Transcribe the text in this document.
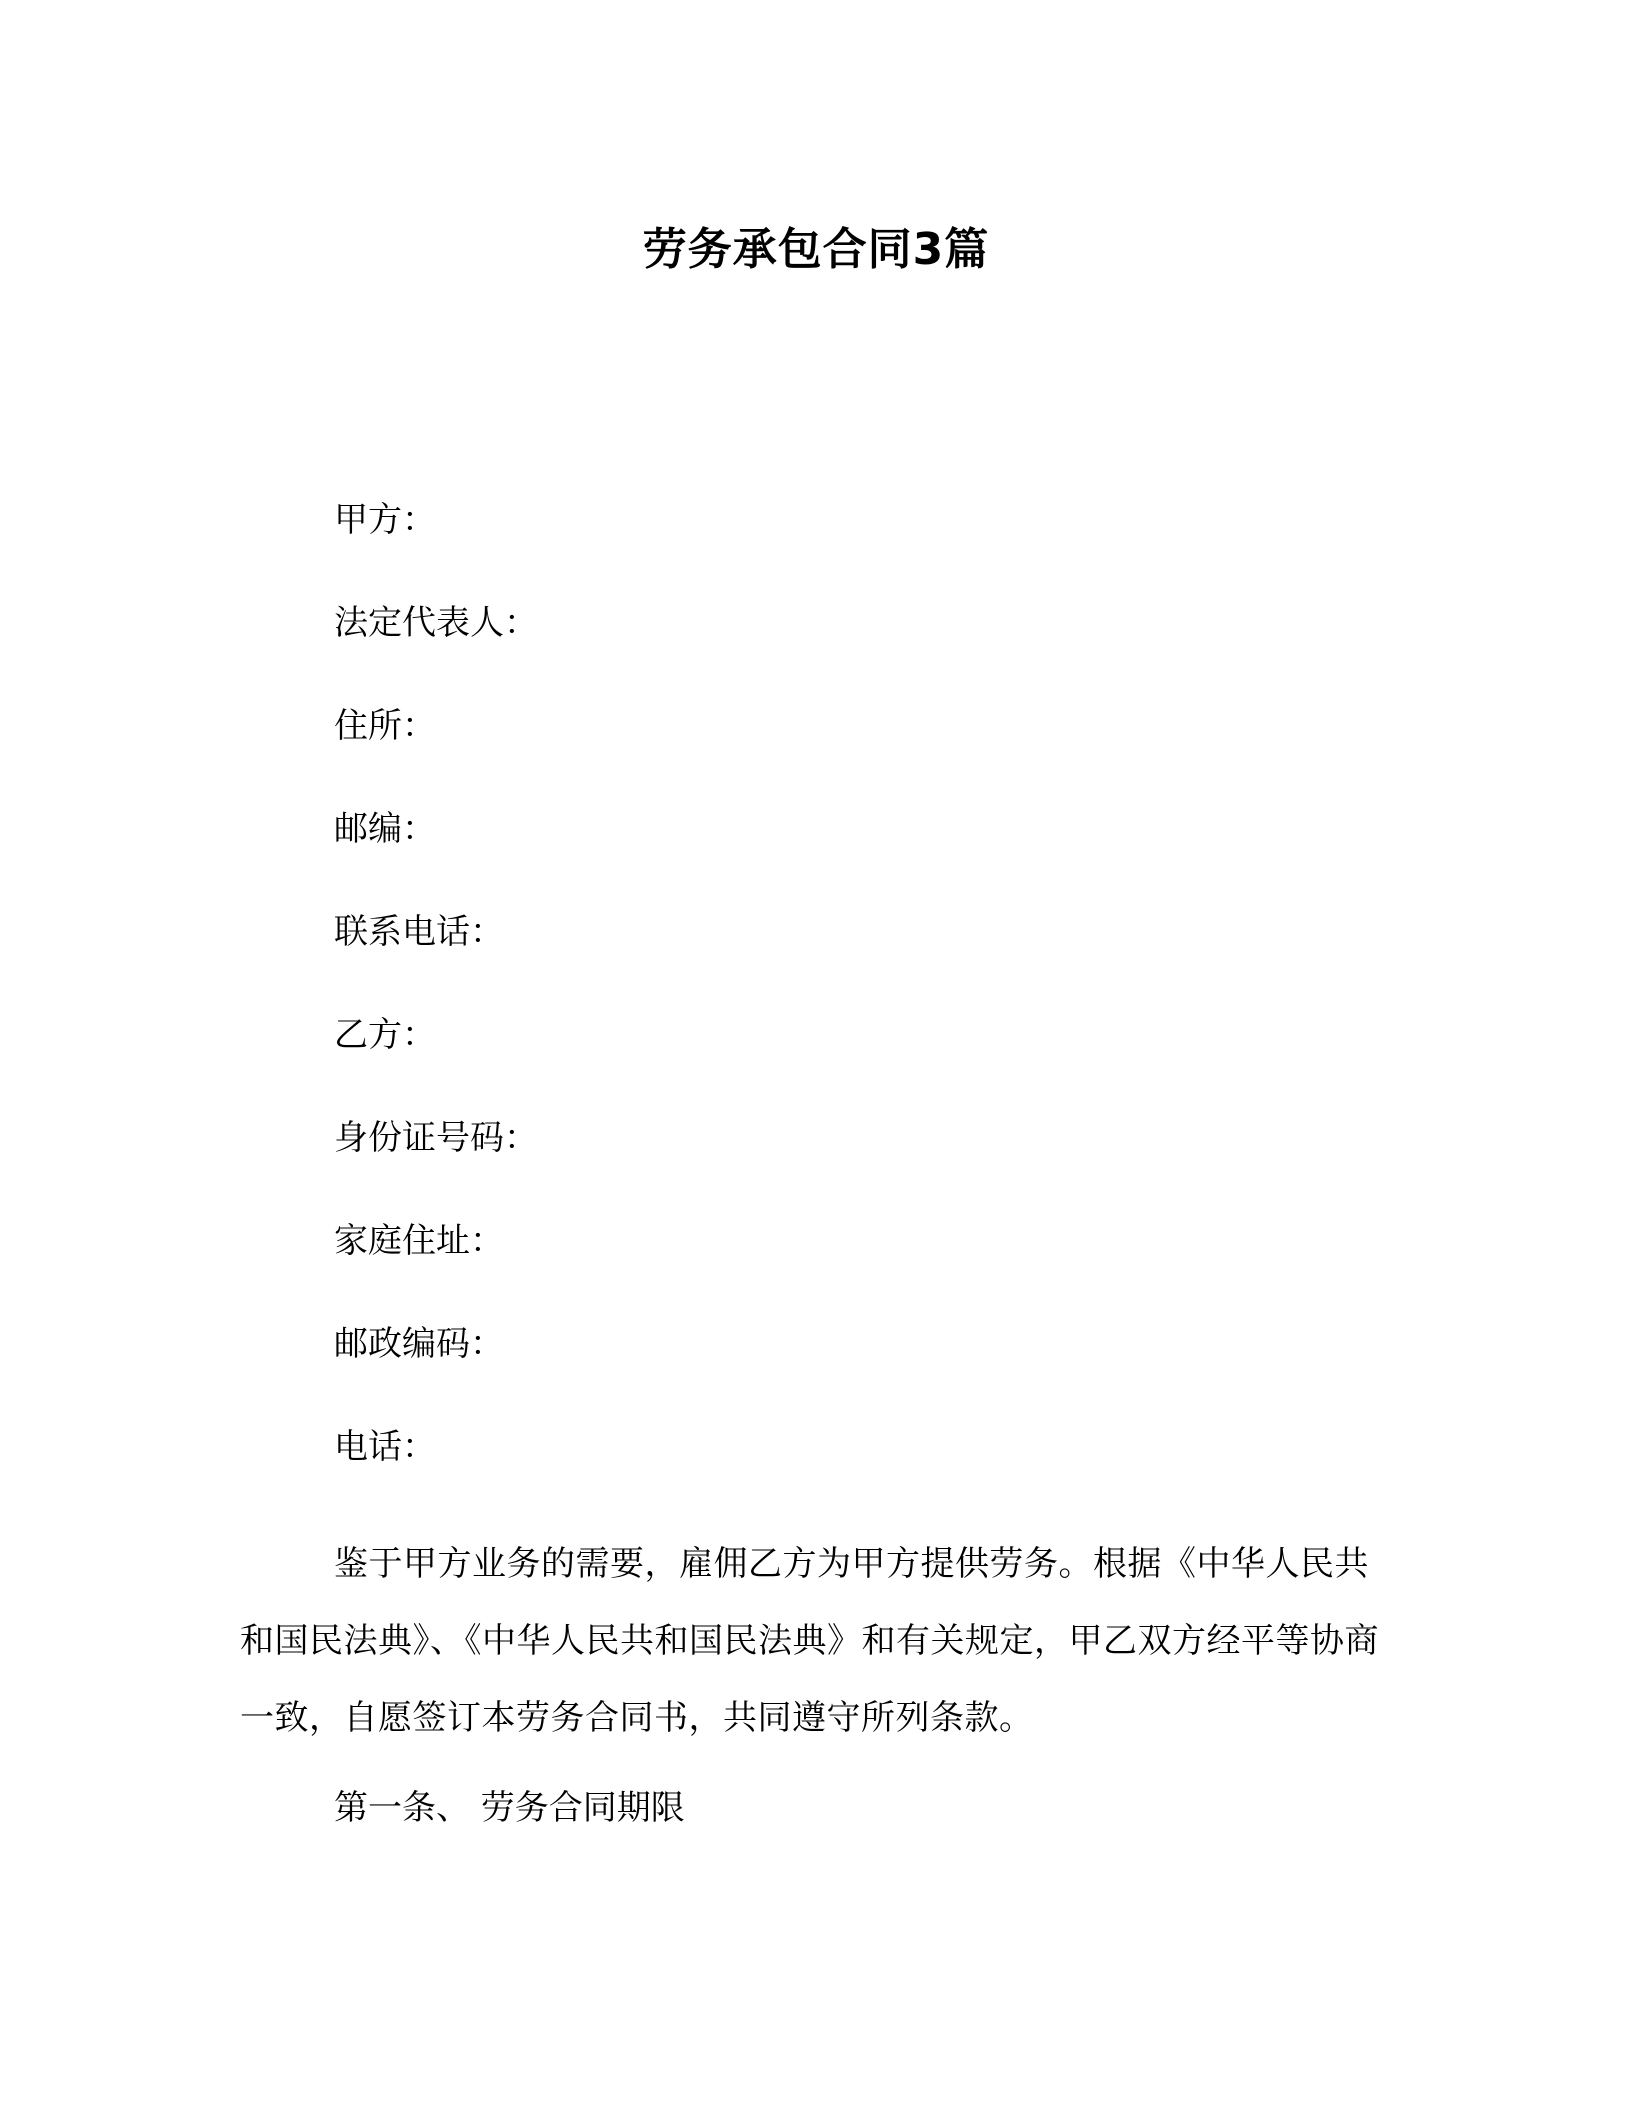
劳务承包合同3篇
甲方：
法定代表人：
住所：
邮编：
联系电话：
乙方：
身份证号码：
家庭住址：
邮政编码：
电话：
鉴于甲方业务的需要，雇佣乙方为甲方提供劳务。根据《中华人民共和国民法典》、《中华人民共和国民法典》和有关规定，甲乙双方经平等协商一致，自愿签订本劳务合同书，共同遵守所列条款。
第一条、 劳务合同期限
